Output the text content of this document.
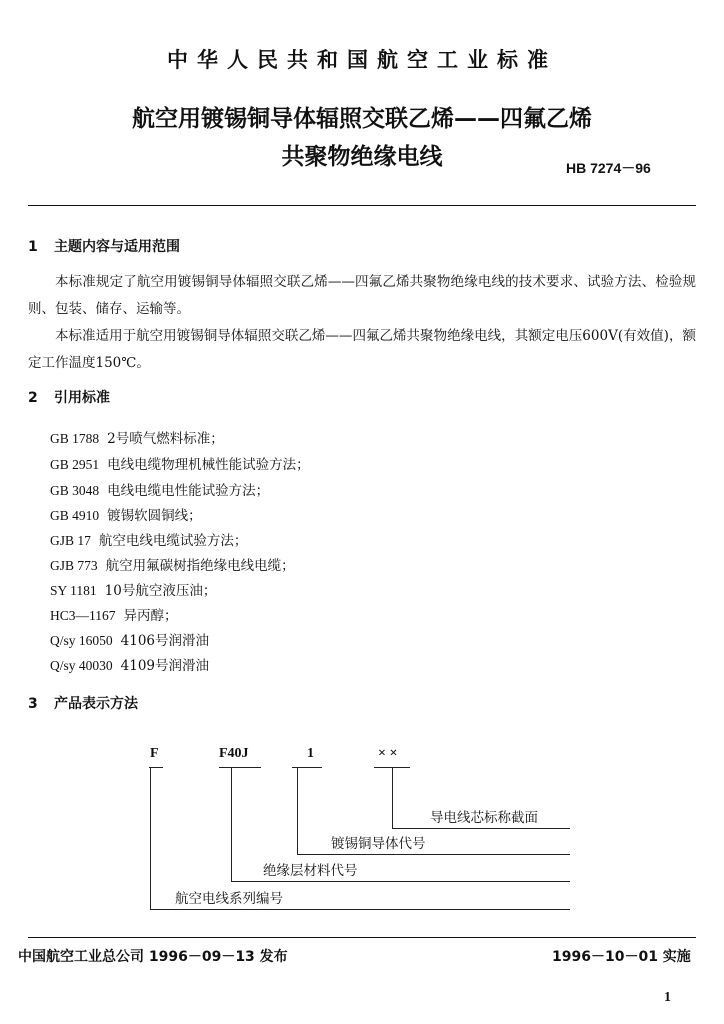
中华人民共和国航空工业标准
航空用镀锡铜导体辐照交联乙烯——四氟乙烯
共聚物绝缘电线	HB 7274－96
1 主题内容与适用范围
本标准规定了航空用镀锡铜导体辐照交联乙烯——四氟乙烯共聚物绝缘电线的技术要求、试验方法、检验规则、包装、储存、运输等。
本标准适用于航空用镀锡铜导体辐照交联乙烯——四氟乙烯共聚物绝缘电线，其额定电压600V(有效值)，额定工作温度150℃。
2 引用标准
GB 1788 2号喷气燃料标准；
GB 2951 电线电缆物理机械性能试验方法；
GB 3048 电线电缆电性能试验方法；
GB 4910 镀锡软圆铜线；
GJB 17 航空电线电缆试验方法；
GJB 773 航空用氟碳树指绝缘电线电缆；
SY 1181 10号航空液压油；
HC3—1167 异丙醇；
Q/sy 16050 4106号润滑油
Q/sy 40030 4109号润滑油
3 产品表示方法
F	F40J	1	× ×
导电线芯标称截面
镀锡铜导体代号
绝缘层材料代号
航空电线系列编号
中国航空工业总公司 1996－09－13 发布	1996－10－01 实施
1
